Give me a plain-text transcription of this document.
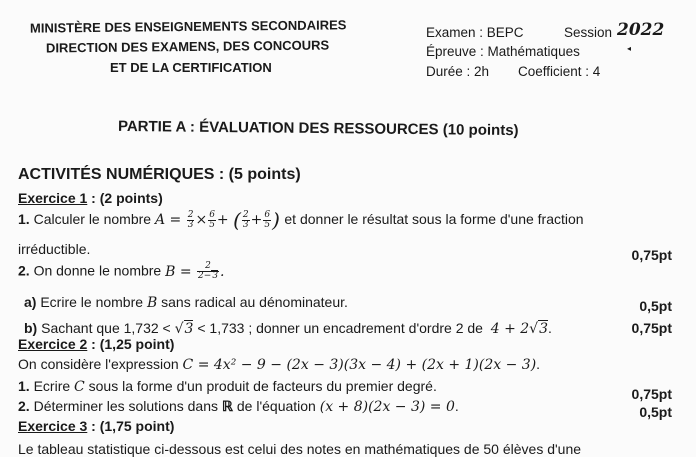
MINISTÈRE DES ENSEIGNEMENTS SECONDAIRES
DIRECTION DES EXAMENS, DES CONCOURS
ET DE LA CERTIFICATION
Examen : BEPC	Session 2022
Épreuve : Mathématiques	◂
Durée : 2h Coefficient : 4
PARTIE A : ÉVALUATION DES RESSOURCES (10 points)
ACTIVITÉS NUMÉRIQUES : (5 points)
Exercice 1 : (2 points)
1. Calculer le nombre $A = \frac{2}{3} \times \frac{6}{5}$ + ( $\frac{2}{3} + \frac{6}{5}$ ) et donner le résultat sous la forme d'une fraction
irréductible.	0,75pt
2. On donne le nombre $B = \frac{2}{2-3}$ .
a) Ecrire le nombre B sans radical au dénominateur.	0,5pt
b) Sachant que 1,732 < √3 < 1,733 ; donner un encadrement d'ordre 2 de  4 + 2√3.	0,75pt
Exercice 2 : (1,25 point)
On considère l'expression C = 4x² − 9 − (2x − 3)(3x − 4) + (2x + 1)(2x − 3).
1. Ecrire C sous la forme d'un produit de facteurs du premier degré.	0,75pt
2. Déterminer les solutions dans ℝ de l'équation (x + 8)(2x − 3) = 0.	0,5pt
Exercice 3 : (1,75 point)
Le tableau statistique ci-dessous est celui des notes en mathématiques de 50 élèves d'une
